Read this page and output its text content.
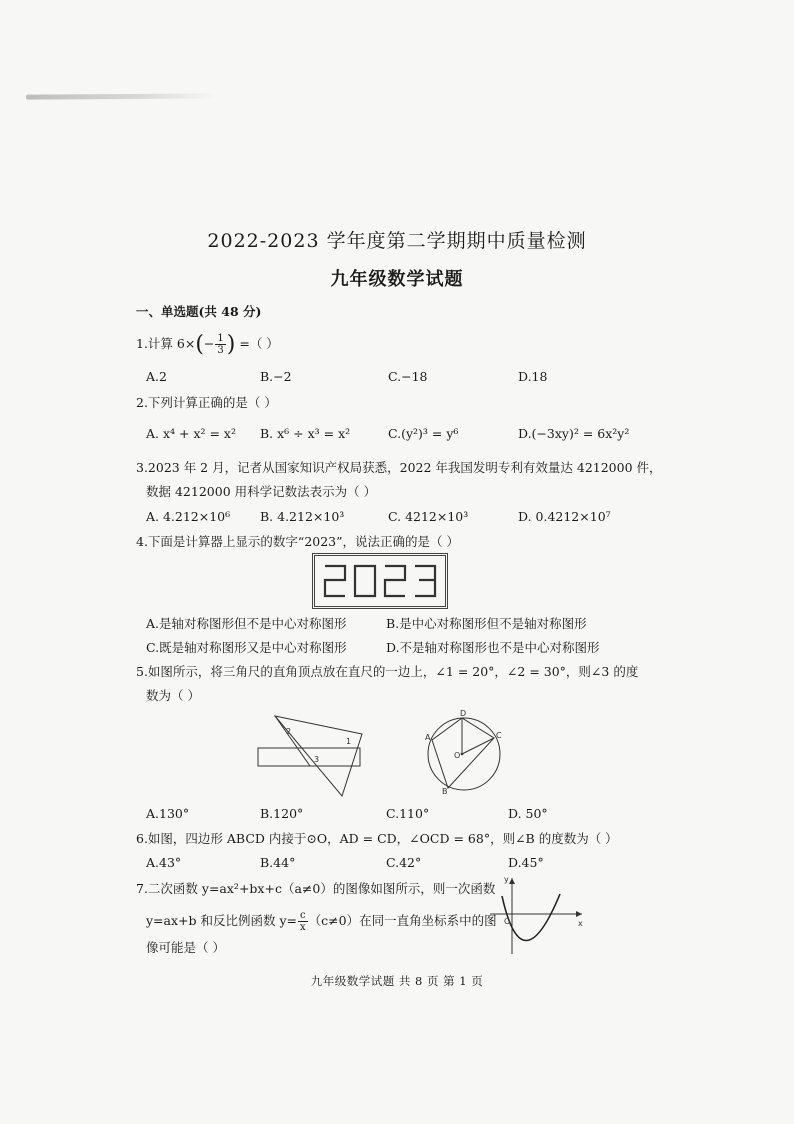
2022-2023 学年度第二学期期中质量检测
九年级数学试题
一、单选题(共 48 分)
1.计算 $6\times(- \frac{1}{3}$ ) =（ ）
A.2	B.−2	C.−18	D.18
2.下列计算正确的是（ ）
A. x⁴ + x² = x² B. x⁶ ÷ x³ = x²	C.(y²)³ = y⁶	D.(−3xy)² = 6x²y²
3.2023 年 2 月，记者从国家知识产权局获悉，2022 年我国发明专利有效量达 4212000 件，
数据 4212000 用科学记数法表示为（ ）
A. 4.212×10⁶ B. 4.212×10³	C. 4212×10³	D. 0.4212×10⁷
4.下面是计算器上显示的数字“2023”，说法正确的是（ ）
A.是轴对称图形但不是中心对称图形	B.是中心对称图形但不是轴对称图形
C.既是轴对称图形又是中心对称图形	D.不是轴对称图形也不是中心对称图形
5.如图所示，将三角尺的直角顶点放在直尺的一边上，∠1 = 20°，∠2 = 30°，则∠3 的度
数为（ ）
2
1
3
D
A	C
O
B
A.130°	B.120°	C.110°	D. 50°
6.如图，四边形 ABCD 内接于⊙O，AD = CD，∠OCD = 68°，则∠B 的度数为（ ）
A.43°	B.44°	C.42°	D.45°
7.二次函数 y=ax²+bx+c（a≠0）的图像如图所示，则一次函数
y=ax+b 和反比例函数 $y= \frac{c}{x} (c\ne 0)$在同一直角坐标系中的图
像可能是（ ）
y
x
O
九年级数学试题 共 8 页 第 1 页
